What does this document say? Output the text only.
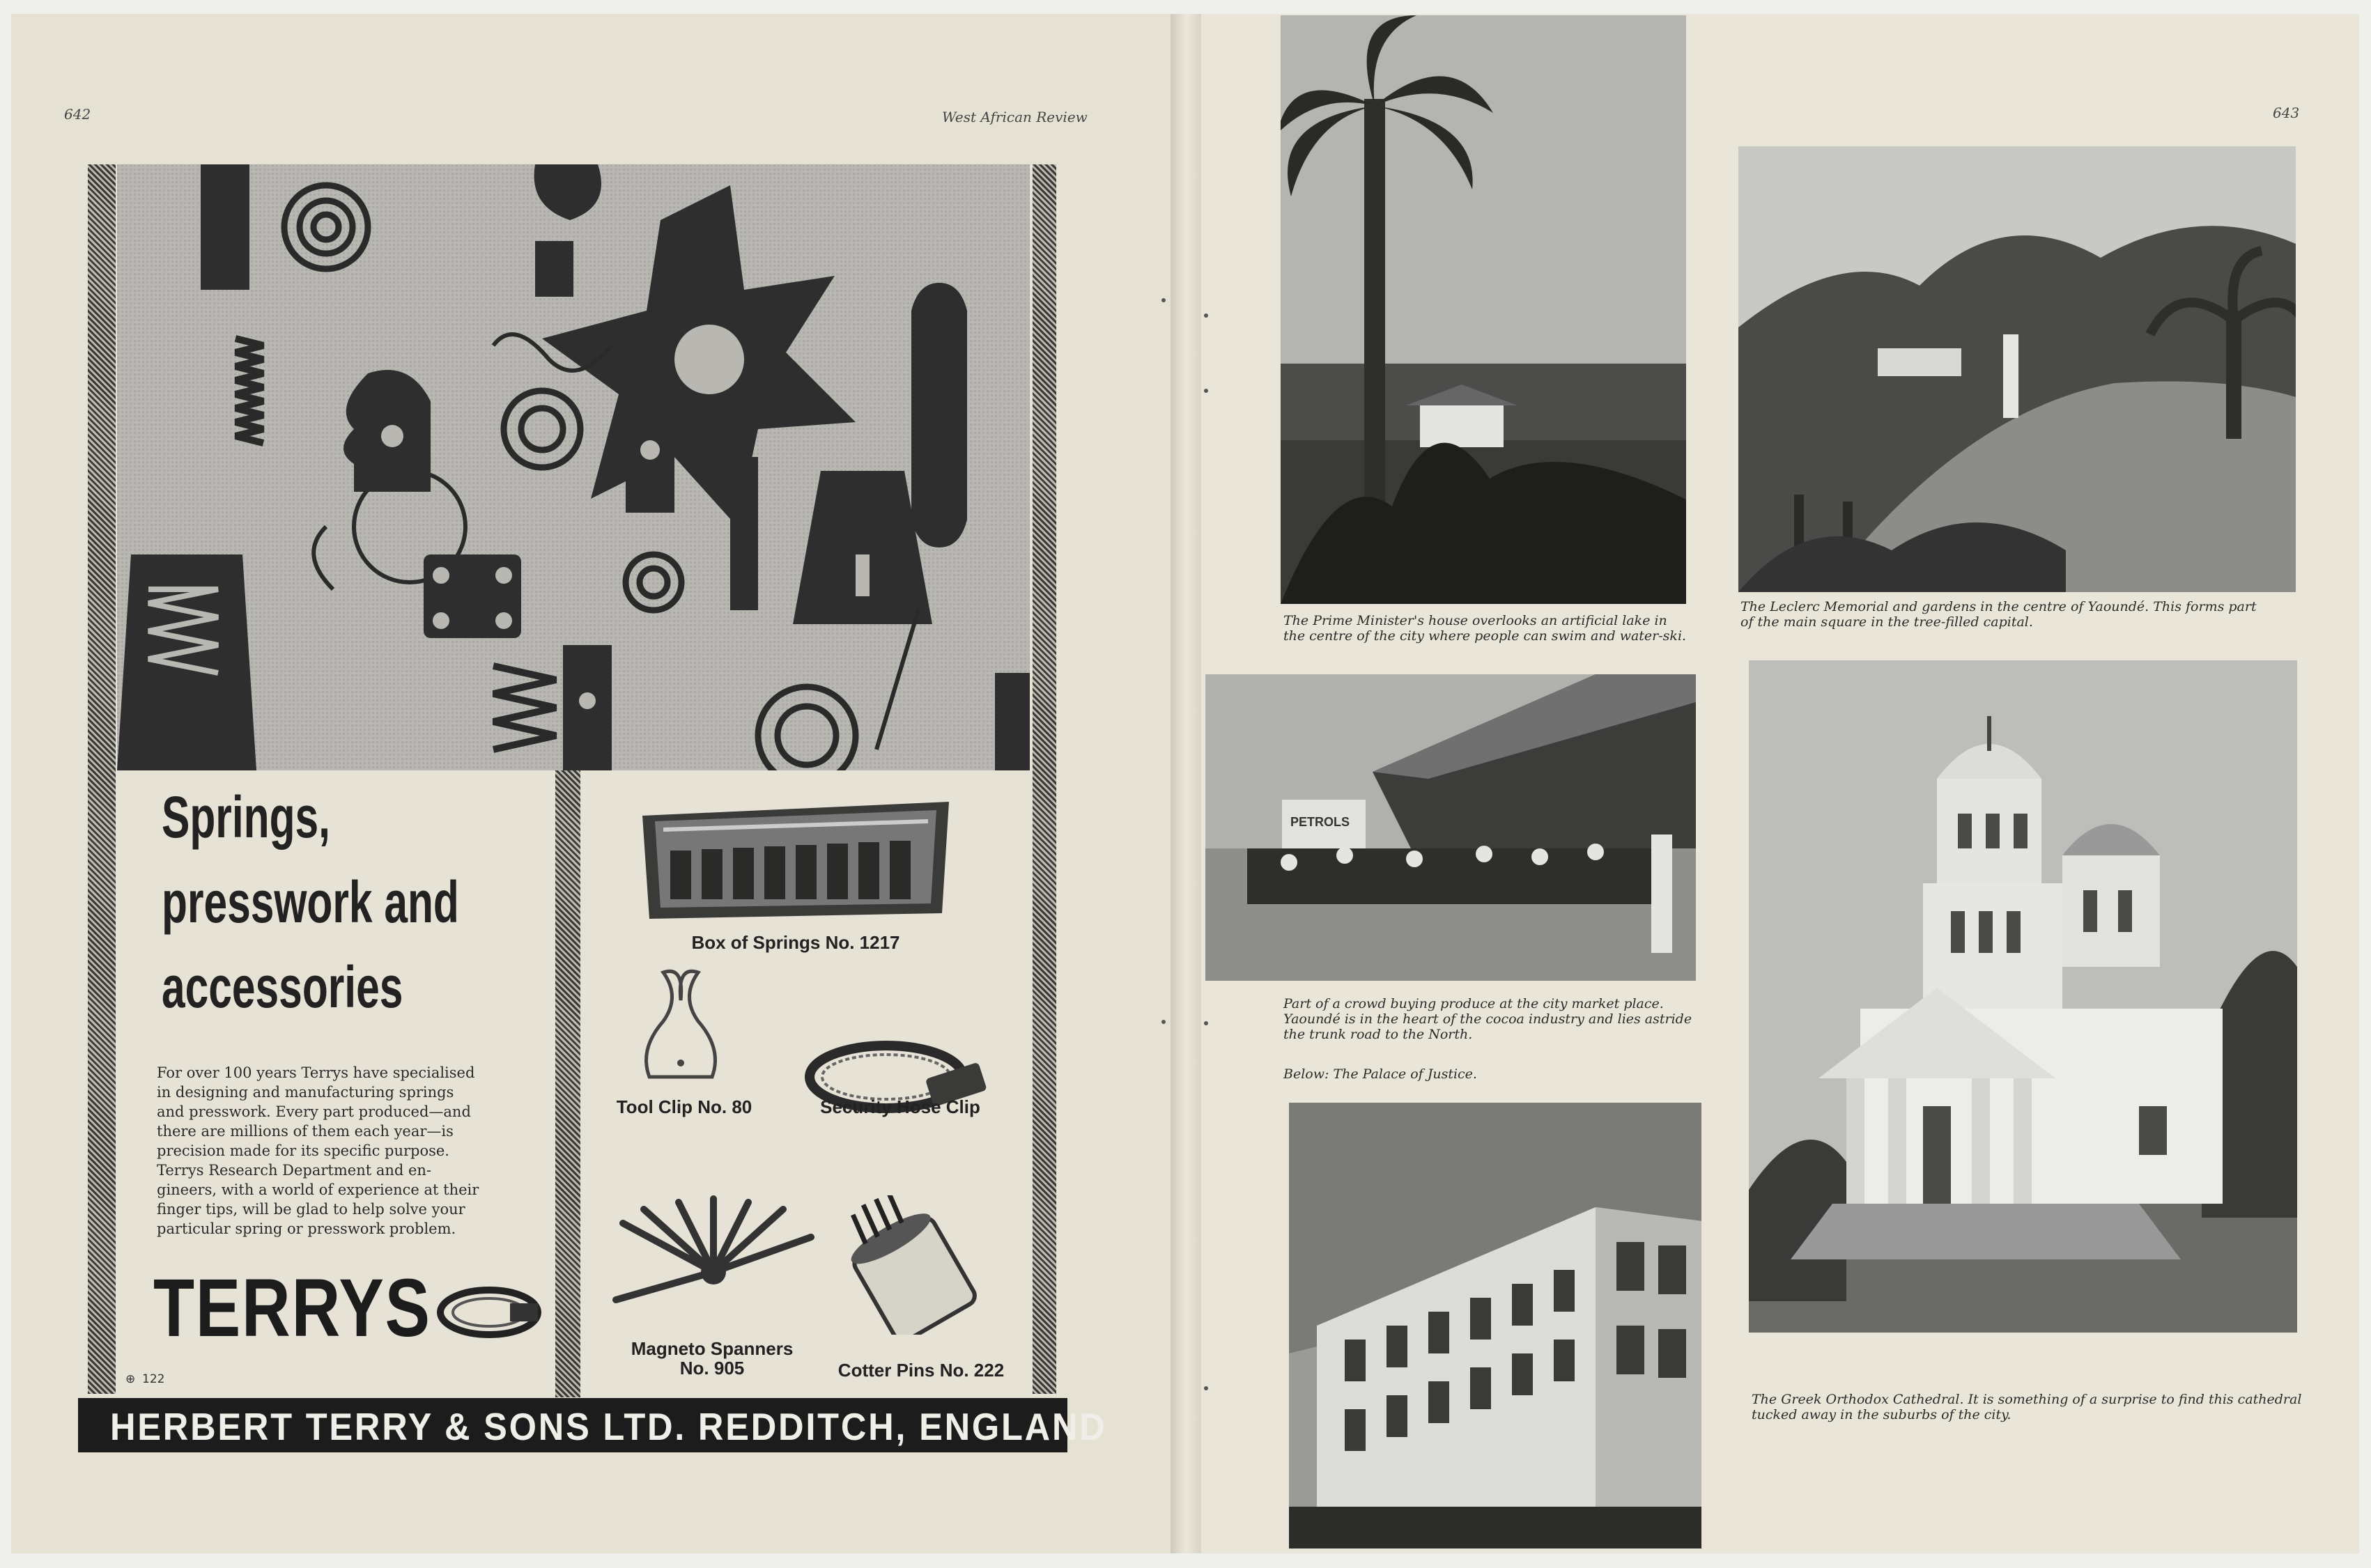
642	West African Review
Springs,
presswork and
accessories
For over 100 years Terrys have specialised
in designing and manufacturing springs
and presswork. Every part produced—and
there are millions of them each year—is
precision made for its specific purpose.
Terrys Research Department and en-
gineers, with a world of experience at their
finger tips, will be glad to help solve your
particular spring or presswork problem.
TERRYS
⊕ 122
Box of Springs No. 1217
Tool Clip No. 80	Security Hose Clip
Magneto Spanners
No. 905	Cotter Pins No. 222
HERBERT TERRY & SONS LTD. REDDITCH, ENGLAND
643
The Prime Minister's house overlooks an artificial lake in
the centre of the city where people can swim and water-ski.
The Leclerc Memorial and gardens in the centre of Yaoundé. This forms part
of the main square in the tree-filled capital.
PETROLS
Part of a crowd buying produce at the city market place.
Yaoundé is in the heart of the cocoa industry and lies astride
the trunk road to the North.
Below: The Palace of Justice.
The Greek Orthodox Cathedral. It is something of a surprise to find this cathedral
tucked away in the suburbs of the city.
